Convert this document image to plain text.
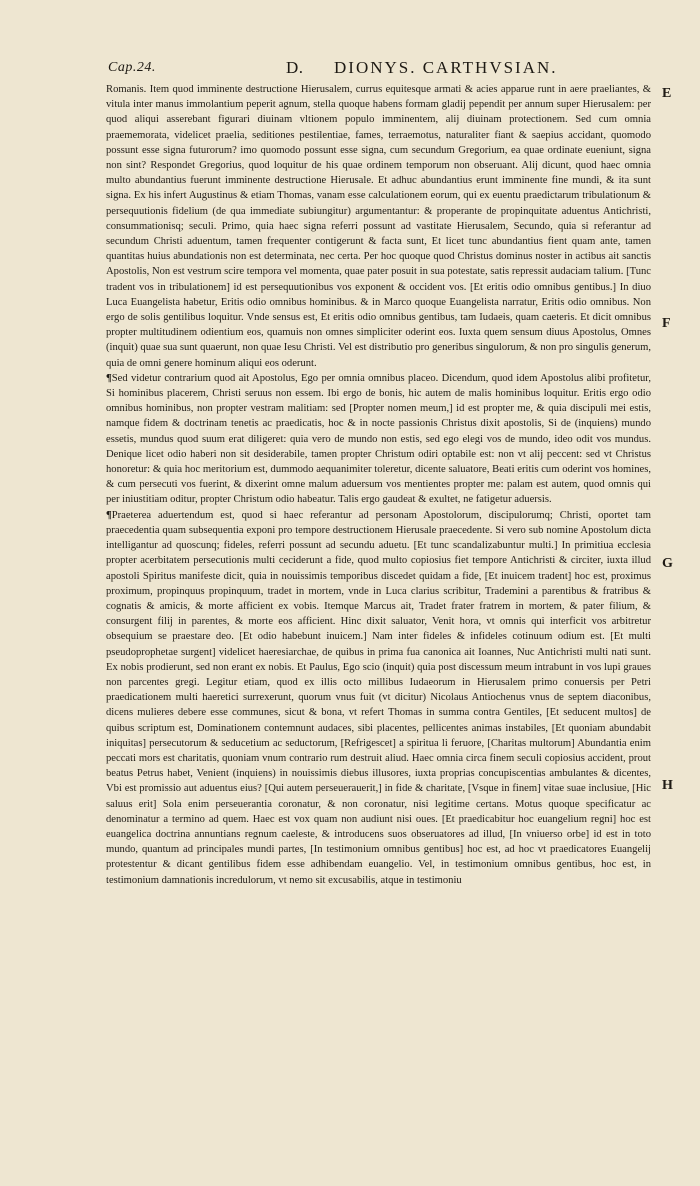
Cap.24.	D. DIONYS. CARTHVSIAN.
E
F
G
H

Romanis. Item quod imminente destructione Hierusalem, currus equitesque armati & acies apparue runt in aere praeliantes, & vitula inter manus immolantium peperit agnum, stella quoque habens formam gladij pependit per annum super Hierusalem: per quod aliqui asserebant figurari diuinam vltionem populo imminentem, alij diuinam protectionem. Sed cum omnia praememorata, videlicet praelia, seditiones pestilentiae, fames, terraemotus, naturaliter fiant & saepius accidant, quomodo possunt esse signa futurorum? imo quomodo possunt esse signa, cum secundum Gregorium, ea quae ordinate eueniunt, signa non sint? Respondet Gregorius, quod loquitur de his quae ordinem temporum non obseruant. Alij dicunt, quod haec omnia multo abundantius fuerunt imminente destructione Hierusale. Et adhuc abundantius erunt imminente fine mundi, & ita sunt signa. Ex his infert Augustinus & etiam Thomas, vanam esse calculationem eorum, qui ex euentu praedictarum tribulationum & persequutionis fidelium (de qua immediate subiungitur) argumentantur: & properante de propinquitate aduentus Antichristi, consummationisq; seculi. Primo, quia haec signa referri possunt ad vastitate Hierusalem, Secundo, quia si referantur ad secundum Christi aduentum, tamen frequenter contigerunt & facta sunt, Et licet tunc abundantius fient quam ante, tamen quantitas huius abundationis non est determinata, nec certa. Per hoc quoque quod Christus dominus noster in actibus ait sanctis Apostolis, Non est vestrum scire tempora vel momenta, quae pater posuit in sua potestate, satis repressit audaciam talium. [Tunc tradent vos in tribulationem] id est persequutionibus vos exponent & occident vos. [Et eritis odio omnibus gentibus.] In diuo Luca Euangelista habetur, Eritis odio omnibus hominibus. & in Marco quoque Euangelista narratur, Eritis odio omnibus. Non ergo de solis gentilibus loquitur. Vnde sensus est, Et eritis odio omnibus gentibus, tam Iudaeis, quam caeteris. Et dicit omnibus propter multitudinem odientium eos, quamuis non omnes simpliciter oderint eos. Iuxta quem sensum diuus Apostolus, Omnes (inquit) quae sua sunt quaerunt, non quae Iesu Christi. Vel est distributio pro generibus singulorum, & non pro singulis generum, quia de omni genere hominum aliqui eos oderunt.

¶Sed videtur contrarium quod ait Apostolus, Ego per omnia omnibus placeo. Dicendum, quod idem Apostolus alibi profitetur, Si hominibus placerem, Christi seruus non essem. Ibi ergo de bonis, hic autem de malis hominibus loquitur. Eritis ergo odio omnibus hominibus, non propter vestram malitiam: sed [Propter nomen meum,] id est propter me, & quia discipuli mei estis, namque fidem & doctrinam tenetis ac praedicatis, hoc & in nocte passionis Christus dixit apostolis, Si de (inquiens) mundo essetis, mundus quod suum erat diligeret: quia vero de mundo non estis, sed ego elegi vos de mundo, ideo odit vos mundus. Denique licet odio haberi non sit desiderabile, tamen propter Christum odiri optabile est: non vt alij peccent: sed vt Christus honoretur: & quia hoc meritorium est, dummodo aequanimiter toleretur, dicente saluatore, Beati eritis cum oderint vos homines, & cum persecuti vos fuerint, & dixerint omne malum aduersum vos mentientes propter me: palam est autem, quod omnis qui per iniustitiam oditur, propter Christum odio habeatur. Talis ergo gaudeat & exultet, ne fatigetur aduersis.

¶Praeterea aduertendum est, quod si haec referantur ad personam Apostolorum, discipulorumq; Christi, oportet tam praecedentia quam subsequentia exponi pro tempore destructionem Hierusale praecedente. Si vero sub nomine Apostolum dicta intelligantur ad quoscunq; fideles, referri possunt ad secundu aduetu. [Et tunc scandalizabuntur multi.] In primitiua ecclesia propter acerbitatem persecutionis multi ceciderunt a fide, quod multo copiosius fiet tempore Antichristi & circiter, iuxta illud apostoli Spiritus manifeste dicit, quia in nouissimis temporibus discedet quidam a fide, [Et inuicem tradent] hoc est, proximus proximum, propinquus propinquum, tradet in mortem, vnde in Luca clarius scribitur, Trademini a parentibus & fratribus & cognatis & amicis, & morte afficient ex vobis. Itemque Marcus ait, Tradet frater fratrem in mortem, & pater filium, & consurgent filij in parentes, & morte eos afficient. Hinc dixit saluator, Venit hora, vt omnis qui interficit vos arbitretur obsequium se praestare deo. [Et odio habebunt inuicem.] Nam inter fideles & infideles cotinuum odium est. [Et multi pseudoprophetae surgent] videlicet haeresiarchae, de quibus in prima fua canonica ait Ioannes, Nuc Antichristi multi nati sunt. Ex nobis prodierunt, sed non erant ex nobis. Et Paulus, Ego scio (inquit) quia post discessum meum intrabunt in vos lupi graues non parcentes gregi. Legitur etiam, quod ex illis octo millibus Iudaeorum in Hierusalem primo conuersis per Petri praedicationem multi haeretici surrexerunt, quorum vnus fuit (vt dicitur) Nicolaus Antiochenus vnus de septem diaconibus, dicens mulieres debere esse communes, sicut & bona, vt refert Thomas in summa contra Gentiles, [Et seducent multos] de quibus scriptum est, Dominationem contemnunt audaces, sibi placentes, pellicentes animas instabiles, [Et quoniam abundabit iniquitas] persecutorum & seducetium ac seductorum, [Refrigescet] a spiritua li feruore, [Charitas multorum] Abundantia enim peccati mors est charitatis, quoniam vnum contrario rum destruit aliud. Haec omnia circa finem seculi copiosius accident, prout beatus Petrus habet, Venient (inquiens) in nouissimis diebus illusores, iuxta proprias concupiscentias ambulantes & dicentes, Vbi est promissio aut aduentus eius? [Qui autem perseuerauerit,] in fide & charitate, [Vsque in finem] vitae suae inclusiue, [Hic saluus erit] Sola enim perseuerantia coronatur, & non coronatur, nisi legitime certans. Motus quoque specificatur ac denominatur a termino ad quem. Haec est vox quam non audiunt nisi oues. [Et praedicabitur hoc euangelium regni] hoc est euangelica doctrina annuntians regnum caeleste, & introducens suos obseruatores ad illud, [In vniuerso orbe] id est in toto mundo, quantum ad principales mundi partes, [In testimonium omnibus gentibus] hoc est, ad hoc vt praedicatores Euangelij protestentur & dicant gentilibus fidem esse adhibendam euangelio. Vel, in testimonium omnibus gentibus, hoc est, in testimonium damnationis incredulorum, vt nemo sit excusabilis, atque in testimoniu
